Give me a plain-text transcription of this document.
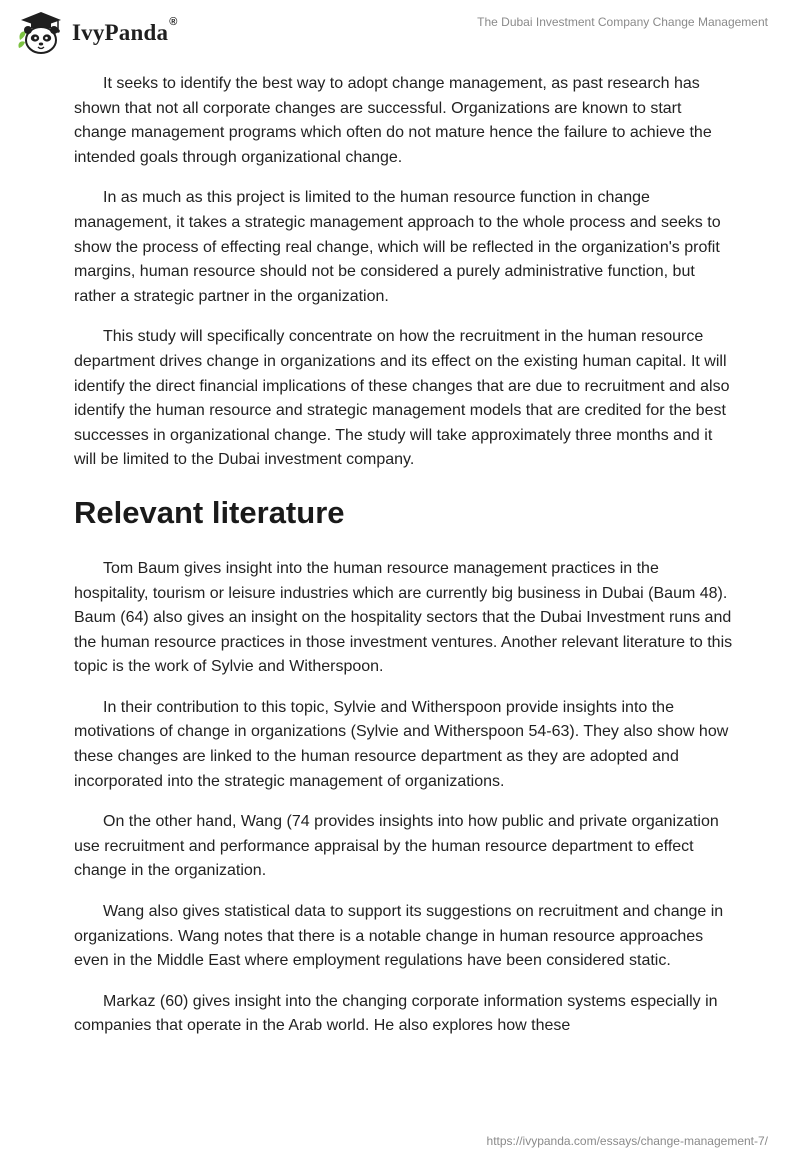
IvyPanda®	The Dubai Investment Company Change Management

It seeks to identify the best way to adopt change management, as past research has shown that not all corporate changes are successful. Organizations are known to start change management programs which often do not mature hence the failure to achieve the intended goals through organizational change.

In as much as this project is limited to the human resource function in change management, it takes a strategic management approach to the whole process and seeks to show the process of effecting real change, which will be reflected in the organization's profit margins, human resource should not be considered a purely administrative function, but rather a strategic partner in the organization.

This study will specifically concentrate on how the recruitment in the human resource department drives change in organizations and its effect on the existing human capital. It will identify the direct financial implications of these changes that are due to recruitment and also identify the human resource and strategic management models that are credited for the best successes in organizational change. The study will take approximately three months and it will be limited to the Dubai investment company.

Relevant literature

Tom Baum gives insight into the human resource management practices in the hospitality, tourism or leisure industries which are currently big business in Dubai (Baum 48). Baum (64) also gives an insight on the hospitality sectors that the Dubai Investment runs and the human resource practices in those investment ventures. Another relevant literature to this topic is the work of Sylvie and Witherspoon.

In their contribution to this topic, Sylvie and Witherspoon provide insights into the motivations of change in organizations (Sylvie and Witherspoon 54-63). They also show how these changes are linked to the human resource department as they are adopted and incorporated into the strategic management of organizations.

On the other hand, Wang (74 provides insights into how public and private organization use recruitment and performance appraisal by the human resource department to effect change in the organization.

Wang also gives statistical data to support its suggestions on recruitment and change in organizations. Wang notes that there is a notable change in human resource approaches even in the Middle East where employment regulations have been considered static.

Markaz (60) gives insight into the changing corporate information systems especially in companies that operate in the Arab world. He also explores how these

https://ivypanda.com/essays/change-management-7/
